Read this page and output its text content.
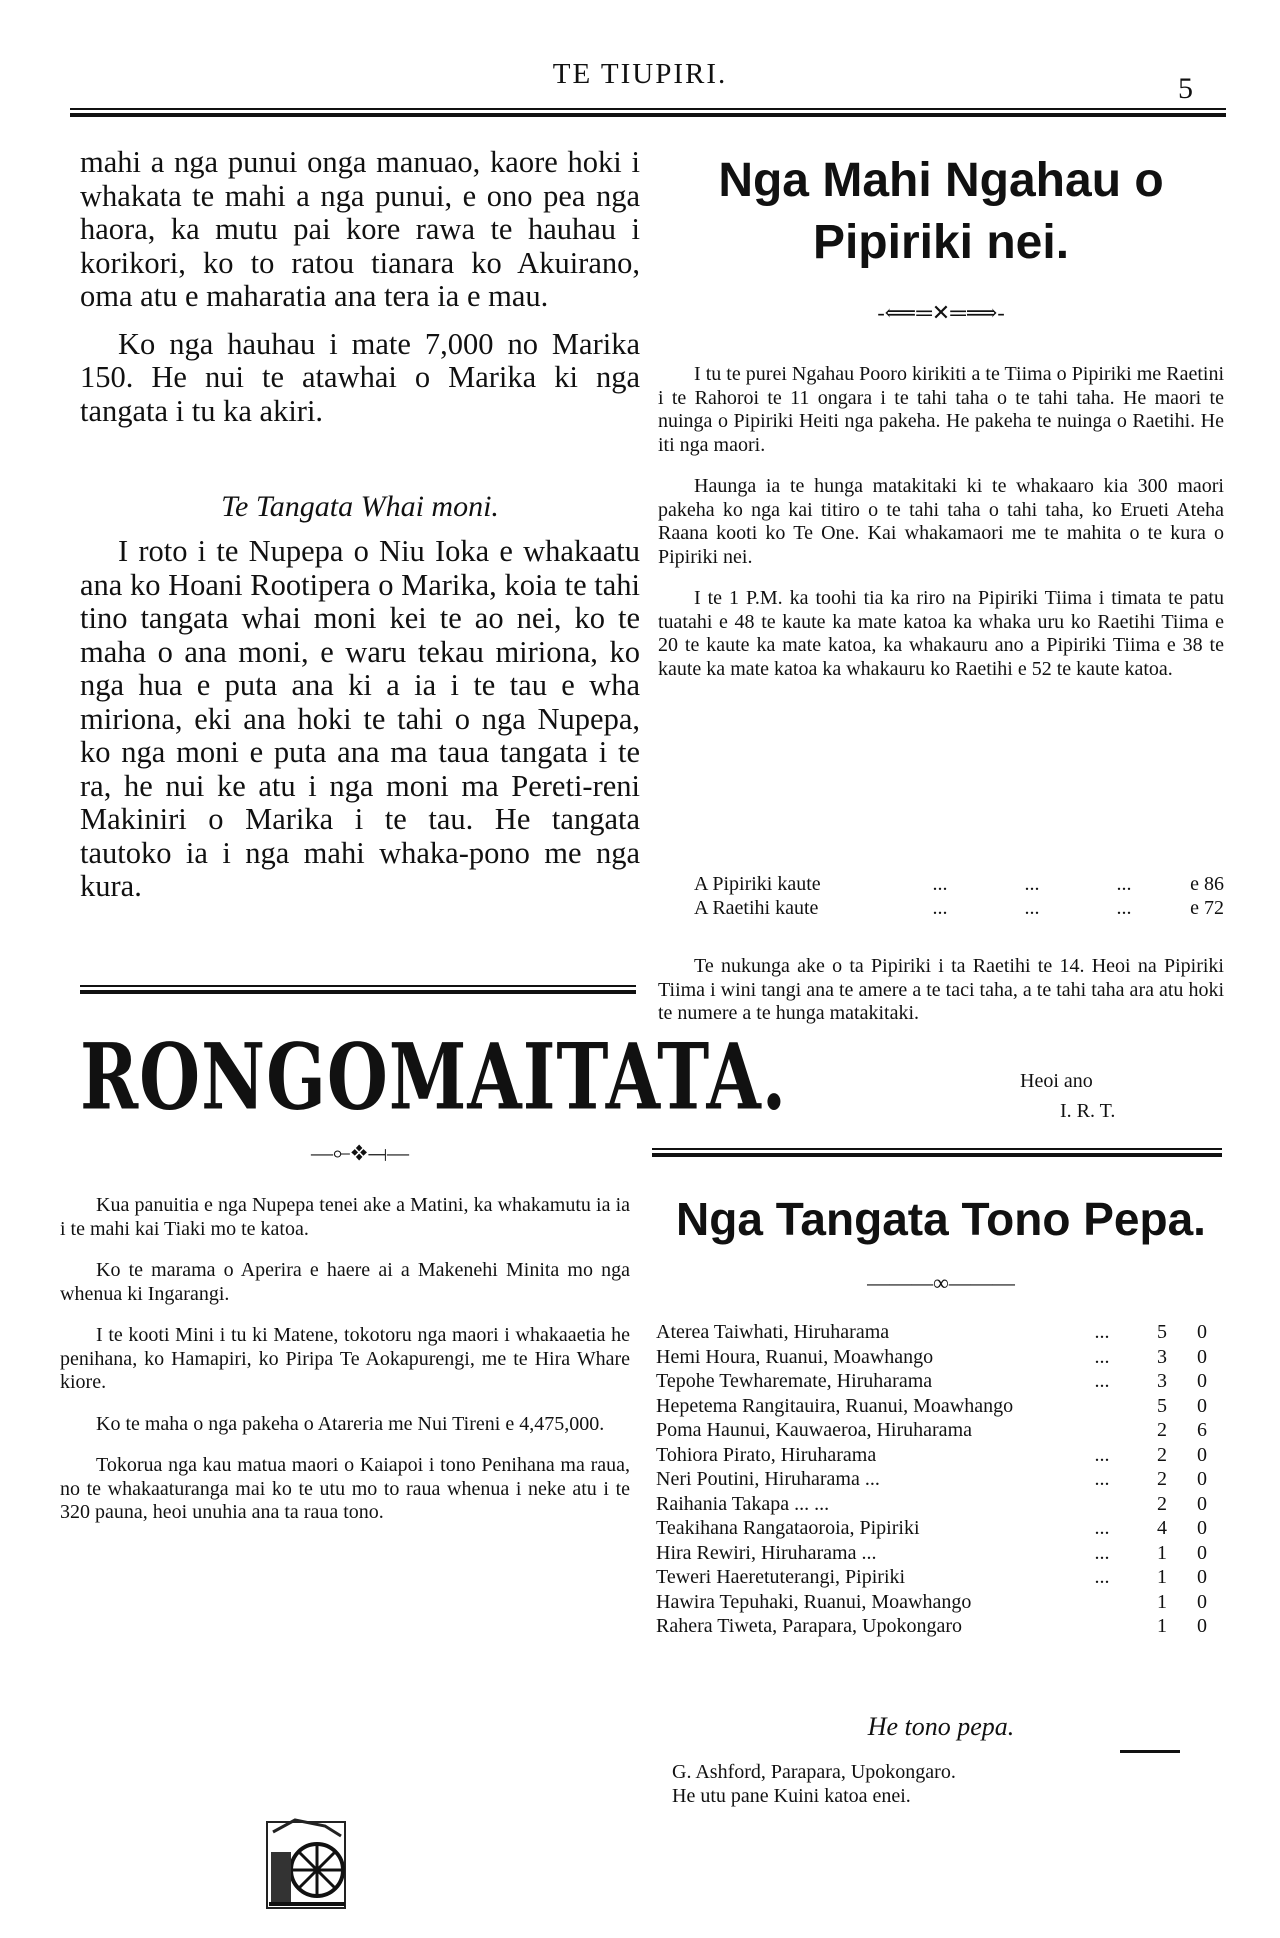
TE TIUPIRI.	5

mahi a nga punui onga manuao, kaore hoki i whakata te mahi a nga punui, e ono pea nga haora, ka mutu pai kore rawa te hauhau i korikori, ko to ratou tianara ko Akuirano, oma atu e maharatia ana tera ia e mau.

Ko nga hauhau i mate 7,000 no Marika 150. He nui te atawhai o Marika ki nga tangata i tu ka akiri.

Te Tangata Whai moni.

I roto i te Nupepa o Niu Ioka e whakaatu ana ko Hoani Rootipera o Marika, koia te tahi tino tangata whai moni kei te ao nei, ko te maha o ana moni, e waru tekau miriona, ko nga hua e puta ana ki a ia i te tau e wha miriona, eki ana hoki te tahi o nga Nupepa, ko nga moni e puta ana ma taua tangata i te ra, he nui ke atu i nga moni ma Pereti-reni Makiniri o Marika i te tau. He tangata tautoko ia i nga mahi whaka-pono me nga kura.

RONGOMAITATA.
—⟜❖⟞—

Kua panuitia e nga Nupepa tenei ake a Matini, ka whakamutu ia ia i te mahi kai Tiaki mo te katoa.

Ko te marama o Aperira e haere ai a Makenehi Minita mo nga whenua ki Ingarangi.

I te kooti Mini i tu ki Matene, tokotoru nga maori i whakaaetia he penihana, ko Hamapiri, ko Piripa Te Aokapurengi, me te Hira Whare kiore.

Ko te maha o nga pakeha o Atareria me Nui Tireni e 4,475,000.

Tokorua nga kau matua maori o Kaiapoi i tono Penihana ma raua, no te whakaaturanga mai ko te utu mo to raua whenua i neke atu i te 320 pauna, heoi unuhia ana ta raua tono.

Nga Mahi Ngahau o Pipiriki nei.
-⟸═✕═⟹-

I tu te purei Ngahau Pooro kirikiti a te Tiima o Pipiriki me Raetini i te Rahoroi te 11 ongara i te tahi taha o te tahi taha. He maori te nuinga o Pipiriki Heiti nga pakeha. He pakeha te nuinga o Raetihi. He iti nga maori.

Haunga ia te hunga matakitaki ki te whakaaro kia 300 maori pakeha ko nga kai titiro o te tahi taha o tahi taha, ko Erueti Ateha Raana kooti ko Te One. Kai whakamaori me te mahita o te kura o Pipiriki nei.

I te 1 P.M. ka toohi tia ka riro na Pipiriki Tiima i timata te patu tuatahi e 48 te kaute ka mate katoa ka whaka uru ko Raetihi Tiima e 20 te kaute ka mate katoa, ka whakauru ano a Pipiriki Tiima e 38 te kaute ka mate katoa ka whakauru ko Raetihi e 52 te kaute katoa.

A Pipiriki kaute	...	...	...	e 86
A Raetihi kaute	...	...	...	e 72

Te nukunga ake o ta Pipiriki i ta Raetihi te 14. Heoi na Pipiriki Tiima i wini tangi ana te amere a te taci taha, a te tahi taha ara atu hoki te numere a te hunga matakitaki.

Heoi ano
I. R. T.
Nga Tangata Tono Pepa.
———∞———
Aterea Taiwhati, Hiruharama	...	5	0
Hemi Houra, Ruanui, Moawhango	...	3	0
Tepohe Tewharemate, Hiruharama	...	3	0
Hepetema Rangitauira, Ruanui, Moawhango	5	0
Poma Haunui, Kauwaeroa, Hiruharama	2	6
Tohiora Pirato, Hiruharama	...	2	0
Neri Poutini, Hiruharama ...	...	2	0
Raihania Takapa ... ...	2	0
Teakihana Rangataoroia, Pipiriki	...	4	0
Hira Rewiri, Hiruharama ...	...	1	0
Teweri Haeretuterangi, Pipiriki	...	1	0
Hawira Tepuhaki, Ruanui, Moawhango	1	0
Rahera Tiweta, Parapara, Upokongaro	1	0
He tono pepa.
G. Ashford, Parapara, Upokongaro.
He utu pane Kuini katoa enei.
